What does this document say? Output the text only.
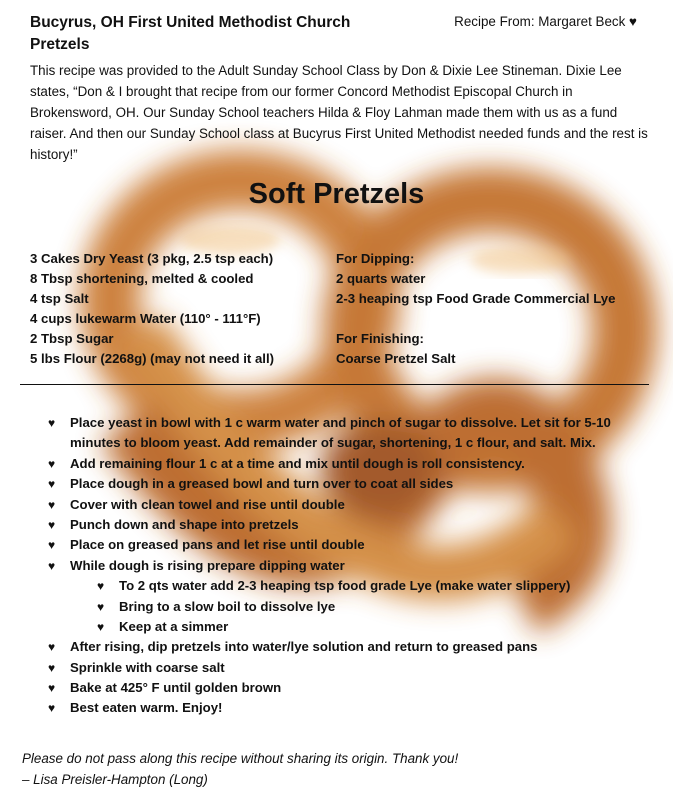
Bucyrus, OH First United Methodist Church
Pretzels
Recipe From: Margaret Beck ♥
This recipe was provided to the Adult Sunday School Class by Don & Dixie Lee Stineman. Dixie Lee states, “Don & I brought that recipe from our former Concord Methodist Episcopal Church in Brokensword, OH. Our Sunday School teachers Hilda & Floy Lahman made them with us as a fund raiser. And then our Sunday School class at Bucyrus First United Methodist needed funds and the rest is history!”
Soft Pretzels
3 Cakes Dry Yeast (3 pkg, 2.5 tsp each)
8 Tbsp shortening, melted & cooled
4 tsp Salt
4 cups lukewarm Water (110° - 111°F)
2 Tbsp Sugar
5 lbs Flour (2268g) (may not need it all)
For Dipping:
2 quarts water
2-3 heaping tsp Food Grade Commercial Lye
For Finishing:
Coarse Pretzel Salt
♥ Place yeast in bowl with 1 c warm water and pinch of sugar to dissolve. Let sit for 5-10 minutes to bloom yeast. Add remainder of sugar, shortening, 1 c flour, and salt. Mix.
♥ Add remaining flour 1 c at a time and mix until dough is roll consistency.
♥ Place dough in a greased bowl and turn over to coat all sides
♥ Cover with clean towel and rise until double
♥ Punch down and shape into pretzels
♥ Place on greased pans and let rise until double
♥ While dough is rising prepare dipping water
♥ To 2 qts water add 2-3 heaping tsp food grade Lye (make water slippery)
♥ Bring to a slow boil to dissolve lye
♥ Keep at a simmer
♥ After rising, dip pretzels into water/lye solution and return to greased pans
♥ Sprinkle with coarse salt
♥ Bake at 425° F until golden brown
♥ Best eaten warm. Enjoy!
Please do not pass along this recipe without sharing its origin. Thank you!
– Lisa Preisler-Hampton (Long)
